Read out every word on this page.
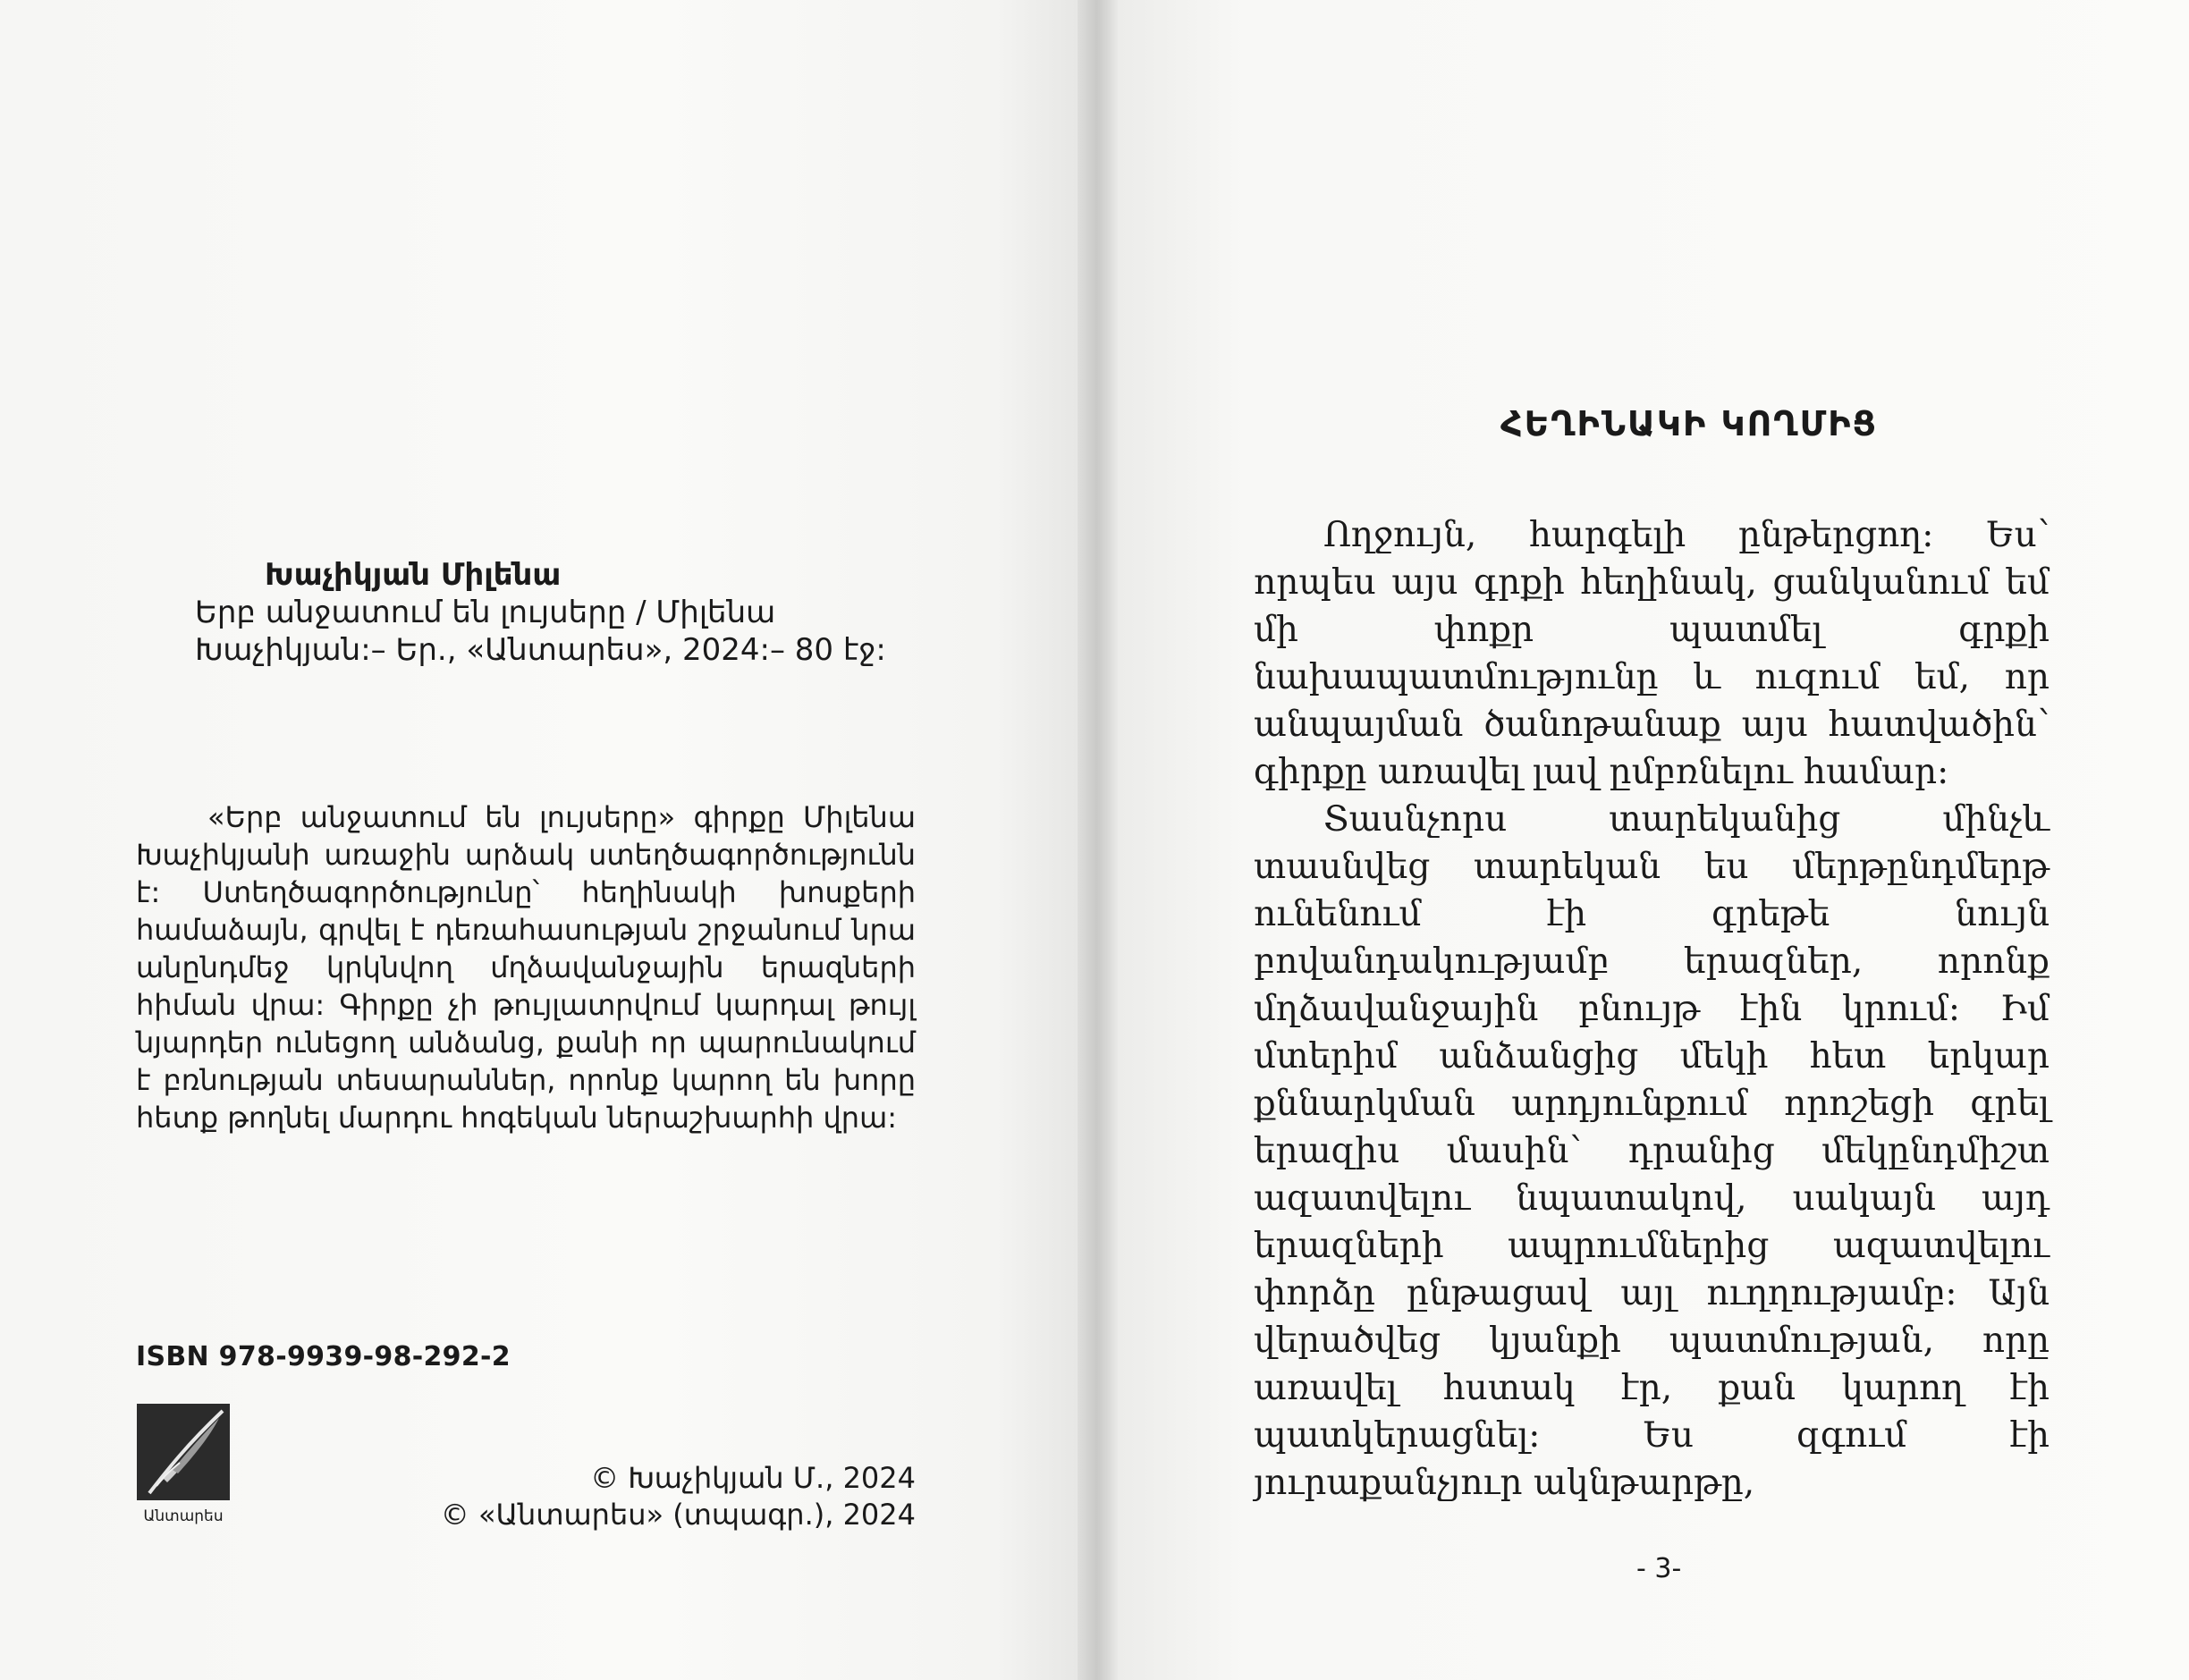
Խաչիկյան Միլենա

Երբ անջատում են լույսերը / Միլենա

Խաչիկյան:– Եր., «Անտարես», 2024:– 80 էջ:

«Երբ անջատում են լույսերը» գիրքը Միլենա Խաչիկյանի առաջին արձակ ստեղծագործությունն է: Ստեղծագործությունը՝ հեղինակի խոսքերի համաձայն, գրվել է դեռահասության շրջանում նրա անընդմեջ կրկնվող մղձավանջային երազների հիման վրա: Գիրքը չի թույլատրվում կարդալ թույլ նյարդեր ունեցող անձանց, քանի որ պարունակում է բռնության տեսարաններ, որոնք կարող են խորը հետք թողնել մարդու հոգեկան ներաշխարհի վրա:

ISBN 978-9939-98-292-2

Անտարես

© Խաչիկյան Մ., 2024

© «Անտարես» (տպագր.), 2024

ՀԵՂԻՆԱԿԻ ԿՈՂՄԻՑ

Ողջույն, հարգելի ընթերցող: Ես՝ որպես այս գրքի հեղինակ, ցանկանում եմ մի փոքր պատմել գրքի նախապատմությունը և ուզում եմ, որ անպայման ծանոթանաք այս հատվածին՝ գիրքը առավել լավ ըմբռնելու համար:

Տասնչորս տարեկանից մինչև տասնվեց տարեկան ես մերթընդմերթ ունենում էի գրեթե նույն բովանդակությամբ երազներ, որոնք մղձավանջային բնույթ էին կրում: Իմ մտերիմ անձանցից մեկի հետ երկար քննարկման արդյունքում որոշեցի գրել երազիս մասին՝ դրանից մեկընդմիշտ ազատվելու նպատակով, սակայն այդ երազների ապրումներից ազատվելու փորձը ընթացավ այլ ուղղությամբ: Այն վերածվեց կյանքի պատմության, որը առավել հստակ էր, քան կարող էի պատկերացնել: Ես զգում էի յուրաքանչյուր ակնթարթը,

- 3-
